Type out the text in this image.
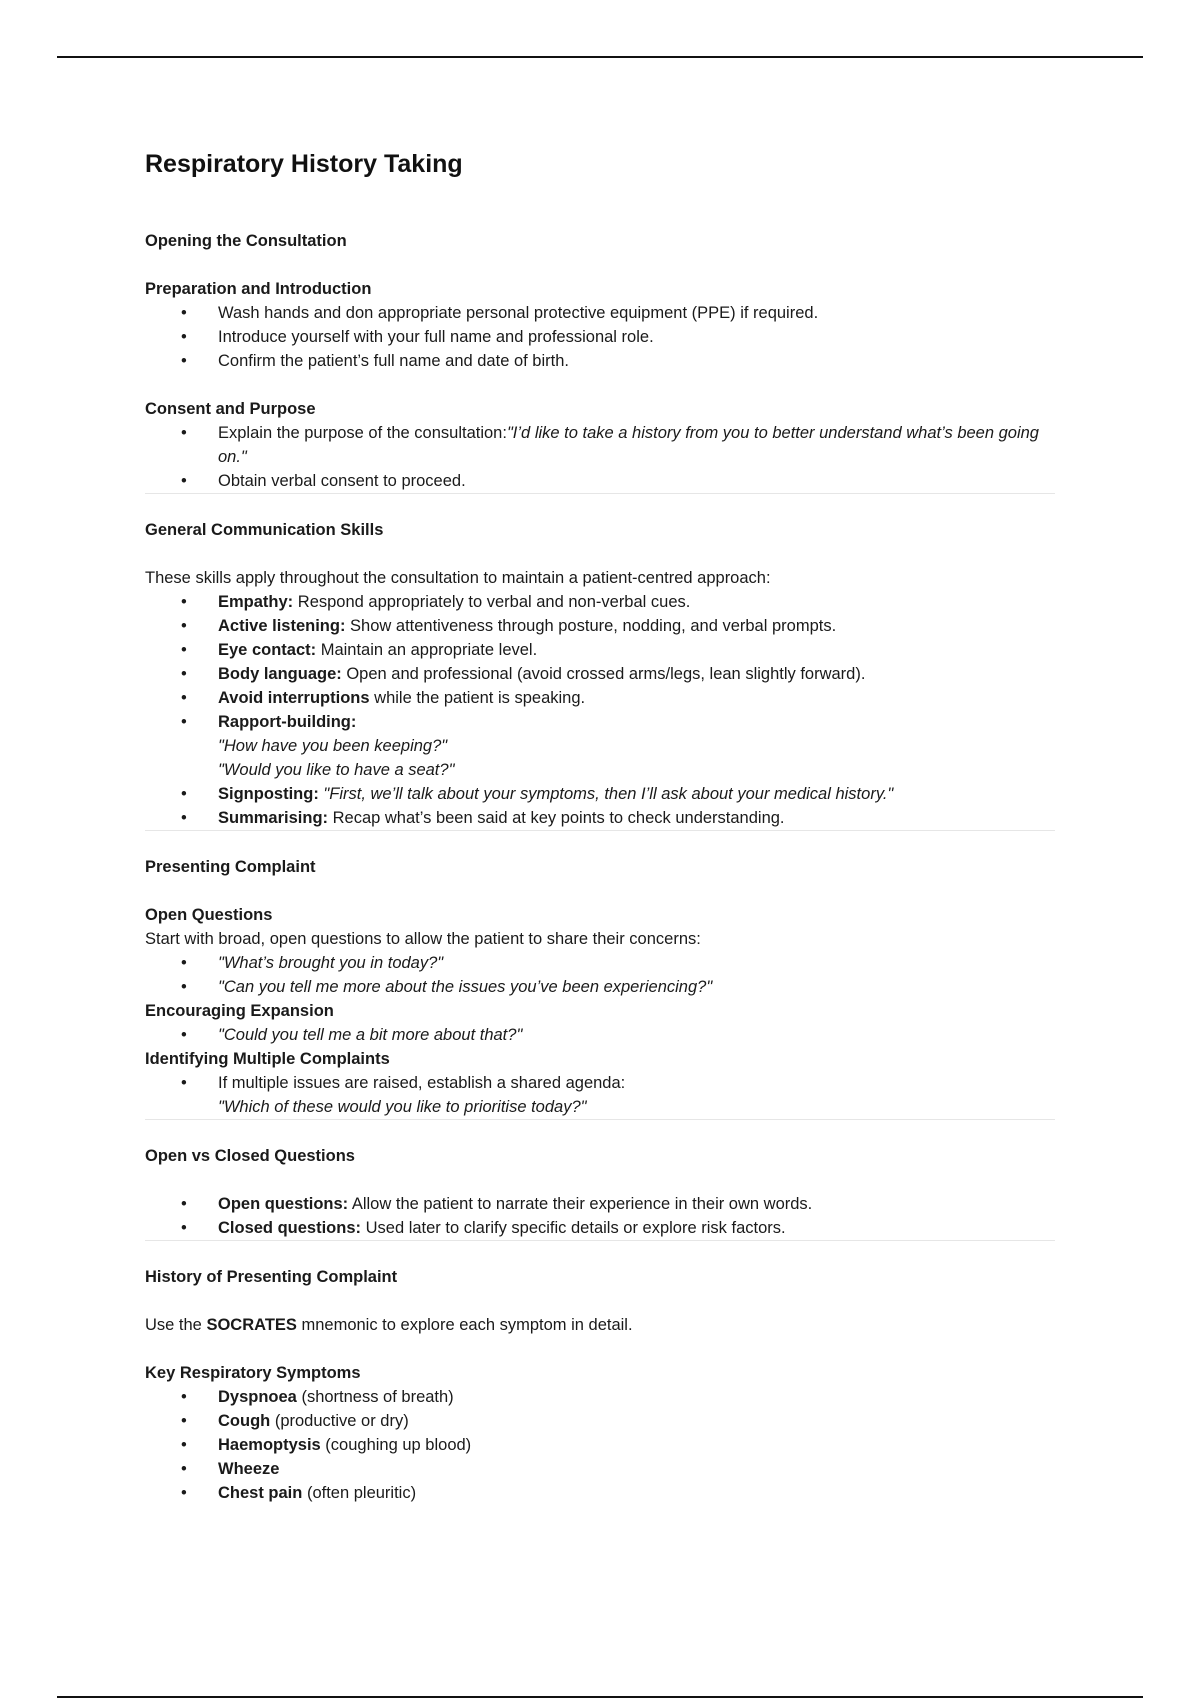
Respiratory History Taking
Opening the Consultation
Preparation and Introduction
• Wash hands and don appropriate personal protective equipment (PPE) if required.
• Introduce yourself with your full name and professional role.
• Confirm the patient’s full name and date of birth.
Consent and Purpose
• Explain the purpose of the consultation:"I’d like to take a history from you to better understand what’s been going on."
• Obtain verbal consent to proceed.
General Communication Skills

These skills apply throughout the consultation to maintain a patient-centred approach:

• Empathy: Respond appropriately to verbal and non-verbal cues.
• Active listening: Show attentiveness through posture, nodding, and verbal prompts.
• Eye contact: Maintain an appropriate level.
• Body language: Open and professional (avoid crossed arms/legs, lean slightly forward).
• Avoid interruptions while the patient is speaking.
• Rapport-building:
"How have you been keeping?"
"Would you like to have a seat?"
• Signposting: "First, we’ll talk about your symptoms, then I’ll ask about your medical history."
• Summarising: Recap what’s been said at key points to check understanding.
Presenting Complaint
Open Questions

Start with broad, open questions to allow the patient to share their concerns:

• "What’s brought you in today?"
• "Can you tell me more about the issues you’ve been experiencing?"
Encouraging Expansion
• "Could you tell me a bit more about that?"
Identifying Multiple Complaints
• If multiple issues are raised, establish a shared agenda:
"Which of these would you like to prioritise today?"
Open vs Closed Questions
• Open questions: Allow the patient to narrate their experience in their own words.
• Closed questions: Used later to clarify specific details or explore risk factors.
History of Presenting Complaint

Use the SOCRATES mnemonic to explore each symptom in detail.

Key Respiratory Symptoms
• Dyspnoea (shortness of breath)
• Cough (productive or dry)
• Haemoptysis (coughing up blood)
• Wheeze
• Chest pain (often pleuritic)
